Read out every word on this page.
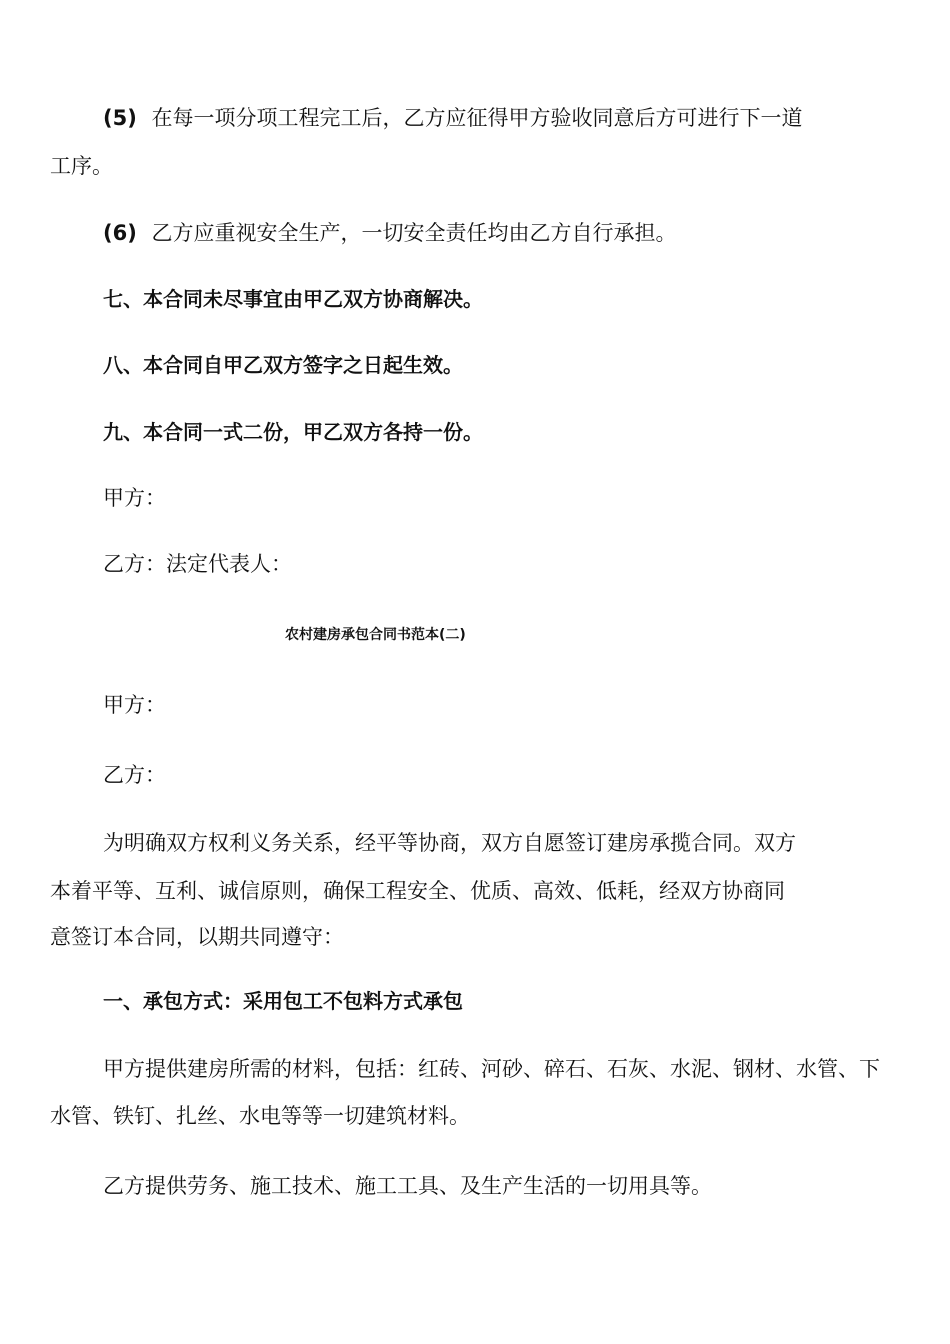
(5) 在每一项分项工程完工后，乙方应征得甲方验收同意后方可进行下一道
工序。
(6) 乙方应重视安全生产，一切安全责任均由乙方自行承担。
七、本合同未尽事宜由甲乙双方协商解决。
八、本合同自甲乙双方签字之日起生效。
九、本合同一式二份，甲乙双方各持一份。
甲方：
乙方：法定代表人：
农村建房承包合同书范本(二)
甲方：
乙方：
为明确双方权利义务关系，经平等协商，双方自愿签订建房承揽合同。双方
本着平等、互利、诚信原则，确保工程安全、优质、高效、低耗，经双方协商同
意签订本合同，以期共同遵守：
一、承包方式：采用包工不包料方式承包
甲方提供建房所需的材料，包括：红砖、河砂、碎石、石灰、水泥、钢材、水管、下
水管、铁钉、扎丝、水电等等一切建筑材料。
乙方提供劳务、施工技术、施工工具、及生产生活的一切用具等。
